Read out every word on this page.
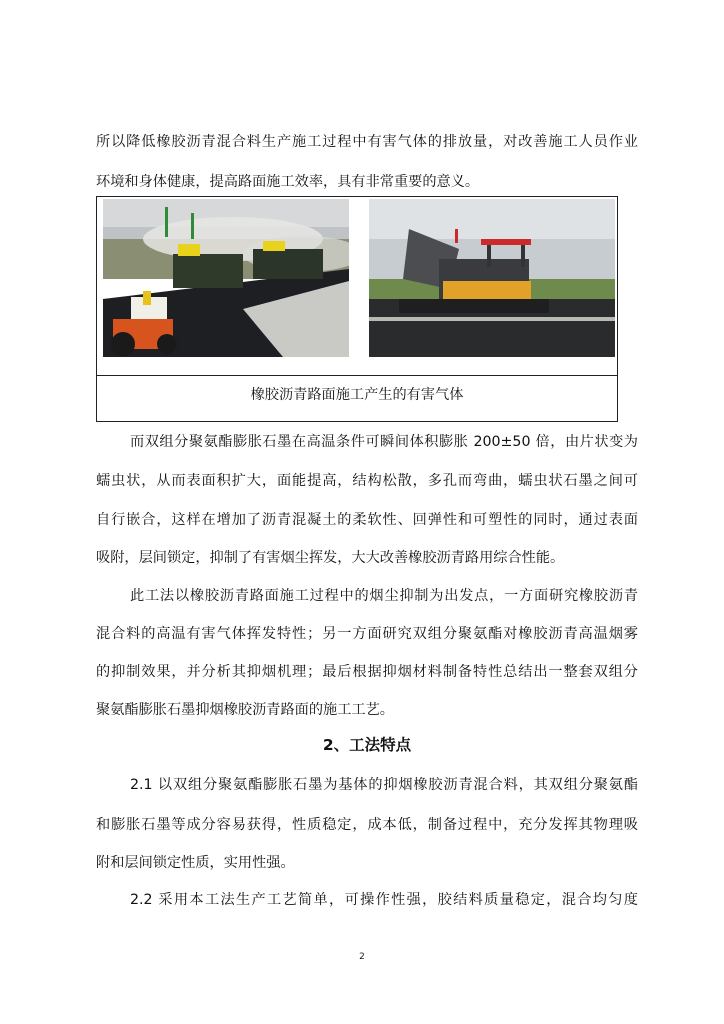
所以降低橡胶沥青混合料生产施工过程中有害气体的排放量，对改善施工人员作业
环境和身体健康，提高路面施工效率，具有非常重要的意义。
橡胶沥青路面施工产生的有害气体
而双组分聚氨酯膨胀石墨在高温条件可瞬间体积膨胀 200±50 倍，由片状变为
蠕虫状，从而表面积扩大，面能提高，结构松散，多孔而弯曲，蠕虫状石墨之间可
自行嵌合，这样在增加了沥青混凝土的柔软性、回弹性和可塑性的同时，通过表面
吸附，层间锁定，抑制了有害烟尘挥发，大大改善橡胶沥青路用综合性能。
此工法以橡胶沥青路面施工过程中的烟尘抑制为出发点，一方面研究橡胶沥青
混合料的高温有害气体挥发特性；另一方面研究双组分聚氨酯对橡胶沥青高温烟雾
的抑制效果，并分析其抑烟机理；最后根据抑烟材料制备特性总结出一整套双组分
聚氨酯膨胀石墨抑烟橡胶沥青路面的施工工艺。
2、工法特点
2.1 以双组分聚氨酯膨胀石墨为基体的抑烟橡胶沥青混合料，其双组分聚氨酯
和膨胀石墨等成分容易获得，性质稳定，成本低，制备过程中，充分发挥其物理吸
附和层间锁定性质，实用性强。
2.2 采用本工法生产工艺简单，可操作性强，胶结料质量稳定，混合均匀度
2
